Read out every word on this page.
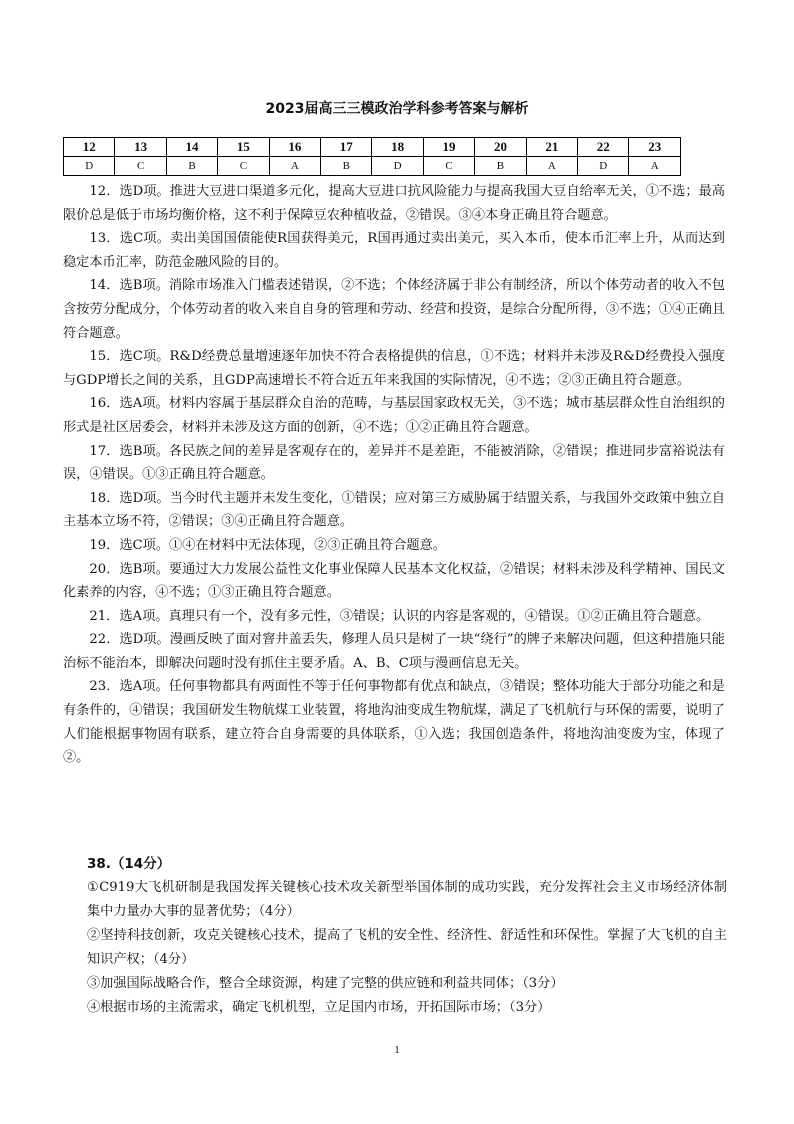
2023届高三三模政治学科参考答案与解析
12	13	14	15	16	17	18	19	20	21	22	23
D	C	B	C	A	B	D	C	B	A	D	A

12．选D项。推进大豆进口渠道多元化，提高大豆进口抗风险能力与提高我国大豆自给率无关，①不选；最高限价总是低于市场均衡价格，这不利于保障豆农种植收益，②错误。③④本身正确且符合题意。

13．选C项。卖出美国国债能使R国获得美元，R国再通过卖出美元，买入本币，使本币汇率上升，从而达到稳定本币汇率，防范金融风险的目的。

14．选B项。消除市场准入门槛表述错误，②不选；个体经济属于非公有制经济，所以个体劳动者的收入不包含按劳分配成分，个体劳动者的收入来自自身的管理和劳动、经营和投资，是综合分配所得，③不选；①④正确且符合题意。

15．选C项。R&D经费总量增速逐年加快不符合表格提供的信息，①不选；材料并未涉及R&D经费投入强度与GDP增长之间的关系，且GDP高速增长不符合近五年来我国的实际情况，④不选；②③正确且符合题意。

16．选A项。材料内容属于基层群众自治的范畴，与基层国家政权无关，③不选；城市基层群众性自治组织的形式是社区居委会，材料并未涉及这方面的创新，④不选；①②正确且符合题意。

17．选B项。各民族之间的差异是客观存在的，差异并不是差距，不能被消除，②错误；推进同步富裕说法有误，④错误。①③正确且符合题意。

18．选D项。当今时代主题并未发生变化，①错误；应对第三方威胁属于结盟关系，与我国外交政策中独立自主基本立场不符，②错误；③④正确且符合题意。

19．选C项。①④在材料中无法体现，②③正确且符合题意。

20．选B项。要通过大力发展公益性文化事业保障人民基本文化权益，②错误；材料未涉及科学精神、国民文化素养的内容，④不选；①③正确且符合题意。

21．选A项。真理只有一个，没有多元性，③错误；认识的内容是客观的，④错误。①②正确且符合题意。

22．选D项。漫画反映了面对窨井盖丢失，修理人员只是树了一块“绕行”的牌子来解决问题，但这种措施只能治标不能治本，即解决问题时没有抓住主要矛盾。A、B、C项与漫画信息无关。

23．选A项。任何事物都具有两面性不等于任何事物都有优点和缺点，③错误；整体功能大于部分功能之和是有条件的，④错误；我国研发生物航煤工业装置，将地沟油变成生物航煤，满足了飞机航行与环保的需要，说明了人们能根据事物固有联系，建立符合自身需要的具体联系，①入选；我国创造条件，将地沟油变废为宝，体现了②。

38.（14分）

①C919大飞机研制是我国发挥关键核心技术攻关新型举国体制的成功实践，充分发挥社会主义市场经济体制集中力量办大事的显著优势；（4分）

②坚持科技创新，攻克关键核心技术，提高了飞机的安全性、经济性、舒适性和环保性。掌握了大飞机的自主知识产权；（4分）

③加强国际战略合作，整合全球资源，构建了完整的供应链和利益共同体；（3分）

④根据市场的主流需求，确定飞机机型，立足国内市场，开拓国际市场；（3分）

1
